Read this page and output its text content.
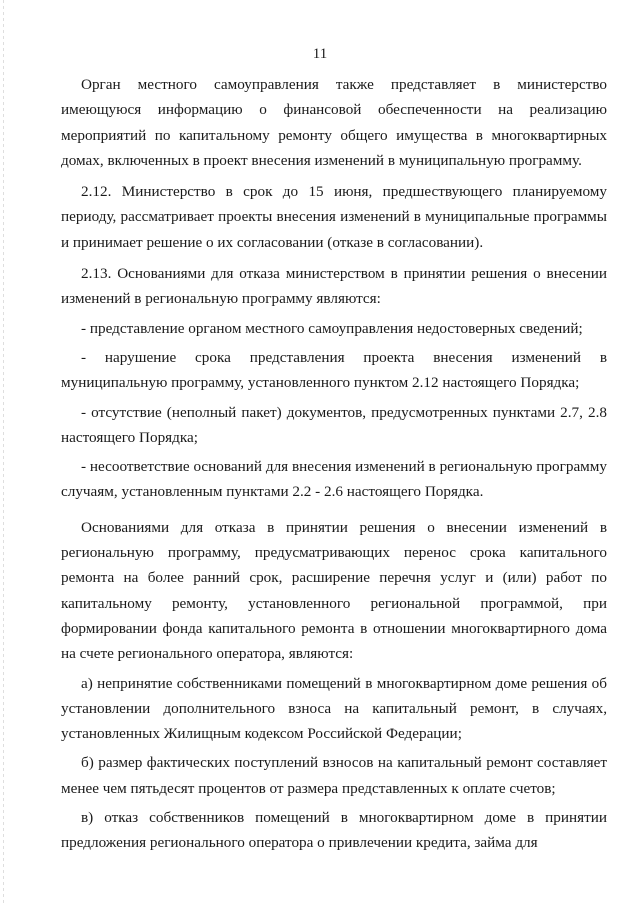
11

Орган местного самоуправления также представляет в министерство имеющуюся информацию о финансовой обеспеченности на реализацию мероприятий по капитальному ремонту общего имущества в многоквартирных домах, включенных в проект внесения изменений в муниципальную программу.

2.12. Министерство в срок до 15 июня, предшествующего планируемому периоду, рассматривает проекты внесения изменений в муниципальные программы и принимает решение о их согласовании (отказе в согласовании).

2.13. Основаниями для отказа министерством в принятии решения о внесении изменений в региональную программу являются:

- представление органом местного самоуправления недостоверных сведений;

- нарушение срока представления проекта внесения изменений в муниципальную программу, установленного пунктом 2.12 настоящего Порядка;

- отсутствие (неполный пакет) документов, предусмотренных пунктами 2.7, 2.8 настоящего Порядка;

- несоответствие оснований для внесения изменений в региональную программу случаям, установленным пунктами 2.2 - 2.6 настоящего Порядка.

Основаниями для отказа в принятии решения о внесении изменений в региональную программу, предусматривающих перенос срока капитального ремонта на более ранний срок, расширение перечня услуг и (или) работ по капитальному ремонту, установленного региональной программой, при формировании фонда капитального ремонта в отношении многоквартирного дома на счете регионального оператора, являются:

а) непринятие собственниками помещений в многоквартирном доме решения об установлении дополнительного взноса на капитальный ремонт, в случаях, установленных Жилищным кодексом Российской Федерации;

б) размер фактических поступлений взносов на капитальный ремонт составляет менее чем пятьдесят процентов от размера представленных к оплате счетов;

в) отказ собственников помещений в многоквартирном доме в принятии предложения регионального оператора о привлечении кредита, займа для
